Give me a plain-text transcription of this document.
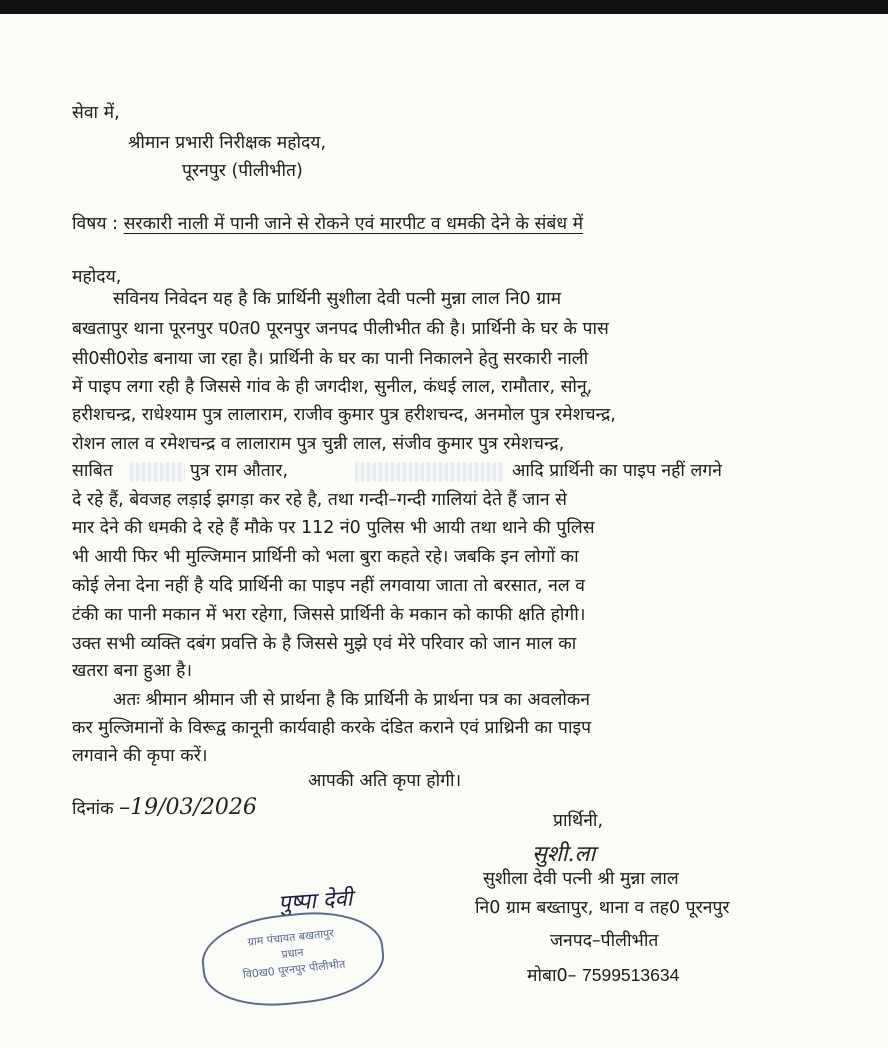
सेवा में,
श्रीमान प्रभारी निरीक्षक महोदय,
पूरनपुर (पीलीभीत)
विषय : सरकारी नाली में पानी जाने से रोकने एवं मारपीट व धमकी देने के संबंध में
महोदय,
सविनय निवेदन यह है कि प्रार्थिनी सुशीला देवी पत्नी मुन्ना लाल नि0 ग्राम
बखतापुर थाना पूरनपुर प0त0 पूरनपुर जनपद पीलीभीत की है। प्रार्थिनी के घर के पास
सी0सी0रोड बनाया जा रहा है। प्रार्थिनी के घर का पानी निकालने हेतु सरकारी नाली
में पाइप लगा रही है जिससे गांव के ही जगदीश, सुनील, कंधई लाल, रामौतार, सोनू,
हरीशचन्द्र, राधेश्याम पुत्र लालाराम, राजीव कुमार पुत्र हरीशचन्द, अनमोल पुत्र रमेशचन्द्र,
रोशन लाल व रमेशचन्द्र व लालाराम पुत्र चुन्नी लाल, संजीव कुमार पुत्र रमेशचन्द्र,
साबित	पुत्र राम औतार,	आदि प्रार्थिनी का पाइप नहीं लगने
दे रहे हैं, बेवजह लड़ाई झगड़ा कर रहे है, तथा गन्दी–गन्दी गालियां देते हैं जान से
मार देने की धमकी दे रहे हैं मौके पर 112 नं0 पुलिस भी आयी तथा थाने की पुलिस
भी आयी फिर भी मुल्जिमान प्रार्थिनी को भला बुरा कहते रहे। जबकि इन लोगों का
कोई लेना देना नहीं है यदि प्रार्थिनी का पाइप नहीं लगवाया जाता तो बरसात, नल व
टंकी का पानी मकान में भरा रहेगा, जिससे प्रार्थिनी के मकान को काफी क्षति होगी।
उक्त सभी व्यक्ति दबंग प्रवत्ति के है जिससे मुझे एवं मेरे परिवार को जान माल का
खतरा बना हुआ है।
अतः श्रीमान श्रीमान जी से प्रार्थना है कि प्रार्थिनी के प्रार्थना पत्र का अवलोकन
कर मुल्जिमानों के विरूद्व कानूनी कार्यवाही करके दंडित कराने एवं प्राथ्रिनी का पाइप
लगवाने की कृपा करें।
आपकी अति कृपा होगी।
दिनांक –19/03/2026
प्रार्थिनी,
सुशी.ला
सुशीला देवी पत्नी श्री मुन्ना लाल
नि0 ग्राम बख्तापुर, थाना व तह0 पूरनपुर
जनपद–पीलीभीत
मोबा0– 7599513634
पुष्पा देवी
ग्राम पंचायत बखतापुर
प्रधान
वि0ख0 पूरनपुर पीलीभीत
